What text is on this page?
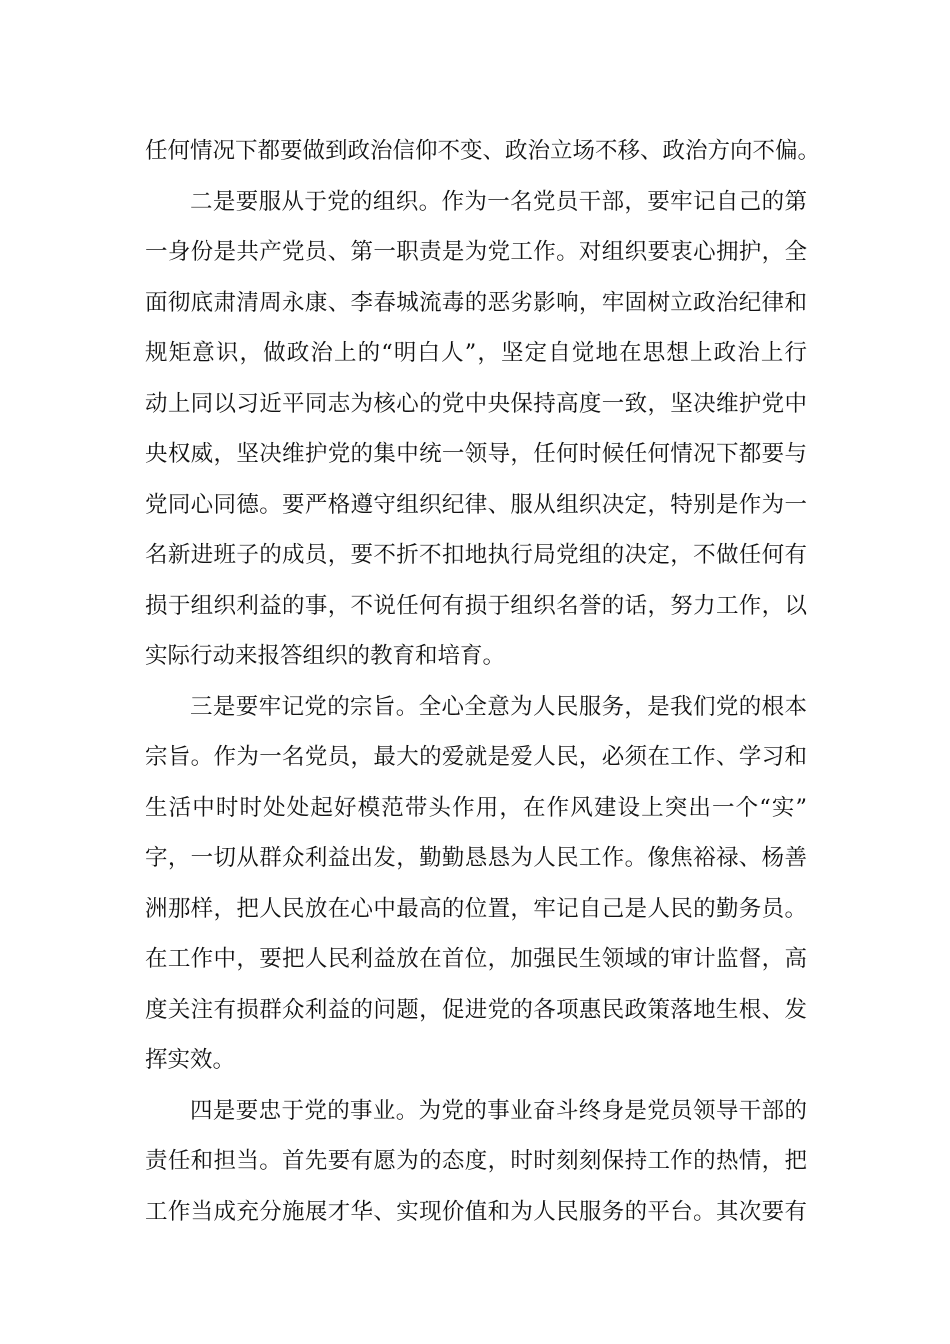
任何情况下都要做到政治信仰不变、政治立场不移、政治方向不偏。
二是要服从于党的组织。作为一名党员干部，要牢记自己的第
一身份是共产党员、第一职责是为党工作。对组织要衷心拥护，全
面彻底肃清周永康、李春城流毒的恶劣影响，牢固树立政治纪律和
规矩意识，做政治上的“明白人”，坚定自觉地在思想上政治上行
动上同以习近平同志为核心的党中央保持高度一致，坚决维护党中
央权威，坚决维护党的集中统一领导，任何时候任何情况下都要与
党同心同德。要严格遵守组织纪律、服从组织决定，特别是作为一
名新进班子的成员，要不折不扣地执行局党组的决定，不做任何有
损于组织利益的事，不说任何有损于组织名誉的话，努力工作，以
实际行动来报答组织的教育和培育。
三是要牢记党的宗旨。全心全意为人民服务，是我们党的根本
宗旨。作为一名党员，最大的爱就是爱人民，必须在工作、学习和
生活中时时处处起好模范带头作用，在作风建设上突出一个“实”
字，一切从群众利益出发，勤勤恳恳为人民工作。像焦裕禄、杨善
洲那样，把人民放在心中最高的位置，牢记自己是人民的勤务员。
在工作中，要把人民利益放在首位，加强民生领域的审计监督，高
度关注有损群众利益的问题，促进党的各项惠民政策落地生根、发
挥实效。
四是要忠于党的事业。为党的事业奋斗终身是党员领导干部的
责任和担当。首先要有愿为的态度，时时刻刻保持工作的热情，把
工作当成充分施展才华、实现价值和为人民服务的平台。其次要有
